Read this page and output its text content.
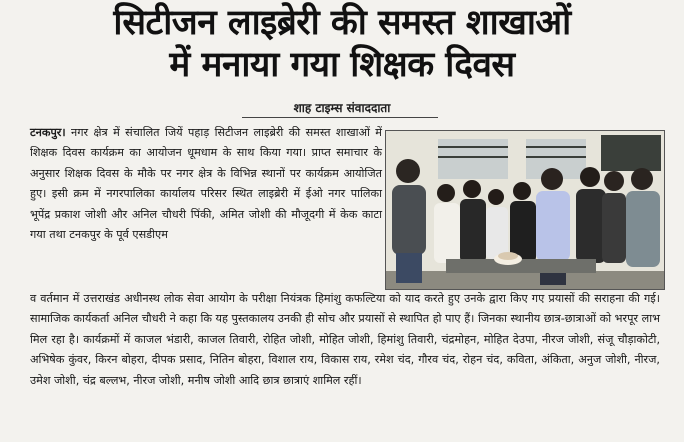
सिटीजन लाइब्रेरी की समस्त शाखाओं
में मनाया गया शिक्षक दिवस
शाह टाइम्स संवाददाता
टनकपुर। नगर क्षेत्र में संचालित जियें पहाड़ सिटीजन लाइब्रेरी की समस्त शाखाओं में शिक्षक दिवस कार्यक्रम का आयोजन धूमधाम के साथ किया गया। प्राप्त समाचार के अनुसार शिक्षक दिवस के मौके पर नगर क्षेत्र के विभिन्न स्थानों पर कार्यक्रम आयोजित हुए। इसी क्रम में नगरपालिका कार्यालय परिसर स्थित लाइब्रेरी में ईओ नगर पालिका भूपेंद्र प्रकाश जोशी और अनिल चौधरी पिंकी, अमित जोशी की मौजूदगी में केक काटा गया तथा टनकपुर के पूर्व एसडीएम
व वर्तमान में उत्तराखंड अधीनस्थ लोक सेवा आयोग के परीक्षा नियंत्रक हिमांशु कफल्टिया को याद करते हुए उनके द्वारा किए गए प्रयासों की सराहना की गई। सामाजिक कार्यकर्ता अनिल चौधरी ने कहा कि यह पुस्तकालय उनकी ही सोच और प्रयासों से स्थापित हो पाए हैं। जिनका स्थानीय छात्र-छात्राओं को भरपूर लाभ मिल रहा है। कार्यक्रमों में काजल भंडारी, काजल तिवारी, रोहित जोशी, मोहित जोशी, हिमांशु तिवारी, चंद्रमोहन, मोहित देउपा, नीरज जोशी, संजू चौड़ाकोटी, अभिषेक कुंवर, किरन बोहरा, दीपक प्रसाद, नितिन बोहरा, विशाल राय, विकास राय, रमेश चंद, गौरव चंद, रोहन चंद, कविता, अंकिता, अनुज जोशी, नीरज, उमेश जोशी, चंद्र बल्लभ, नीरज जोशी, मनीष जोशी आदि छात्र छात्राएं शामिल रहीं।
